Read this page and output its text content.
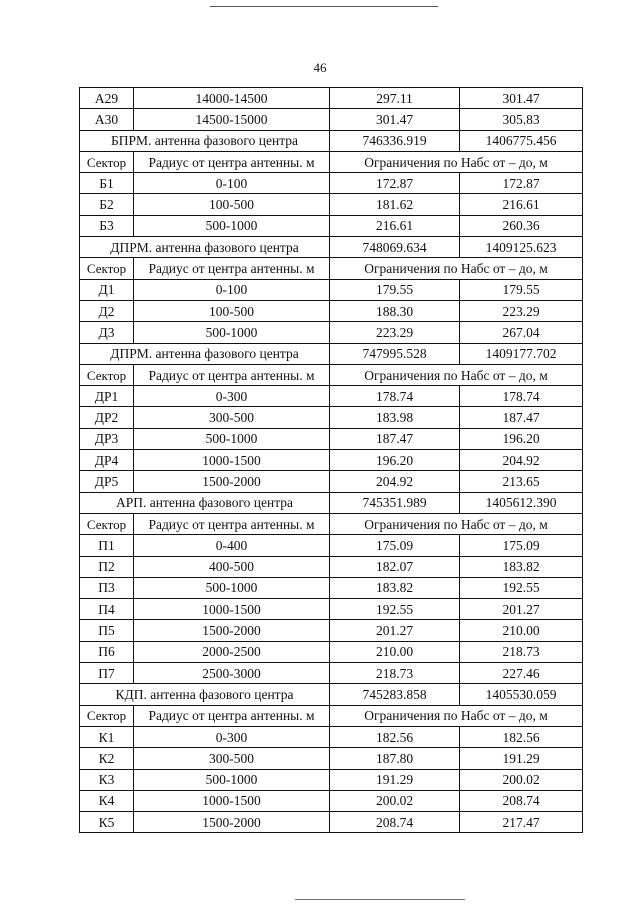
46
А29	14000-14500	297.11	301.47
А30	14500-15000	301.47	305.83
БПРМ. антенна фазового центра		746336.919	1406775.456
Сектор	Радиус от центра антенны. м	Ограничения по Набс от – до, м	
Б1	0-100	172.87	172.87
Б2	100-500	181.62	216.61
Б3	500-1000	216.61	260.36
ДПРМ. антенна фазового центра		748069.634	1409125.623
Сектор	Радиус от центра антенны. м	Ограничения по Набс от – до, м	
Д1	0-100	179.55	179.55
Д2	100-500	188.30	223.29
Д3	500-1000	223.29	267.04
ДПРМ. антенна фазового центра		747995.528	1409177.702
Сектор	Радиус от центра антенны. м	Ограничения по Набс от – до, м	
ДР1	0-300	178.74	178.74
ДР2	300-500	183.98	187.47
ДР3	500-1000	187.47	196.20
ДР4	1000-1500	196.20	204.92
ДР5	1500-2000	204.92	213.65
АРП. антенна фазового центра		745351.989	1405612.390
Сектор	Радиус от центра антенны. м	Ограничения по Набс от – до, м	
П1	0-400	175.09	175.09
П2	400-500	182.07	183.82
П3	500-1000	183.82	192.55
П4	1000-1500	192.55	201.27
П5	1500-2000	201.27	210.00
П6	2000-2500	210.00	218.73
П7	2500-3000	218.73	227.46
КДП. антенна фазового центра		745283.858	1405530.059
Сектор	Радиус от центра антенны. м	Ограничения по Набс от – до, м	
К1	0-300	182.56	182.56
К2	300-500	187.80	191.29
К3	500-1000	191.29	200.02
К4	1000-1500	200.02	208.74
К5	1500-2000	208.74	217.47
